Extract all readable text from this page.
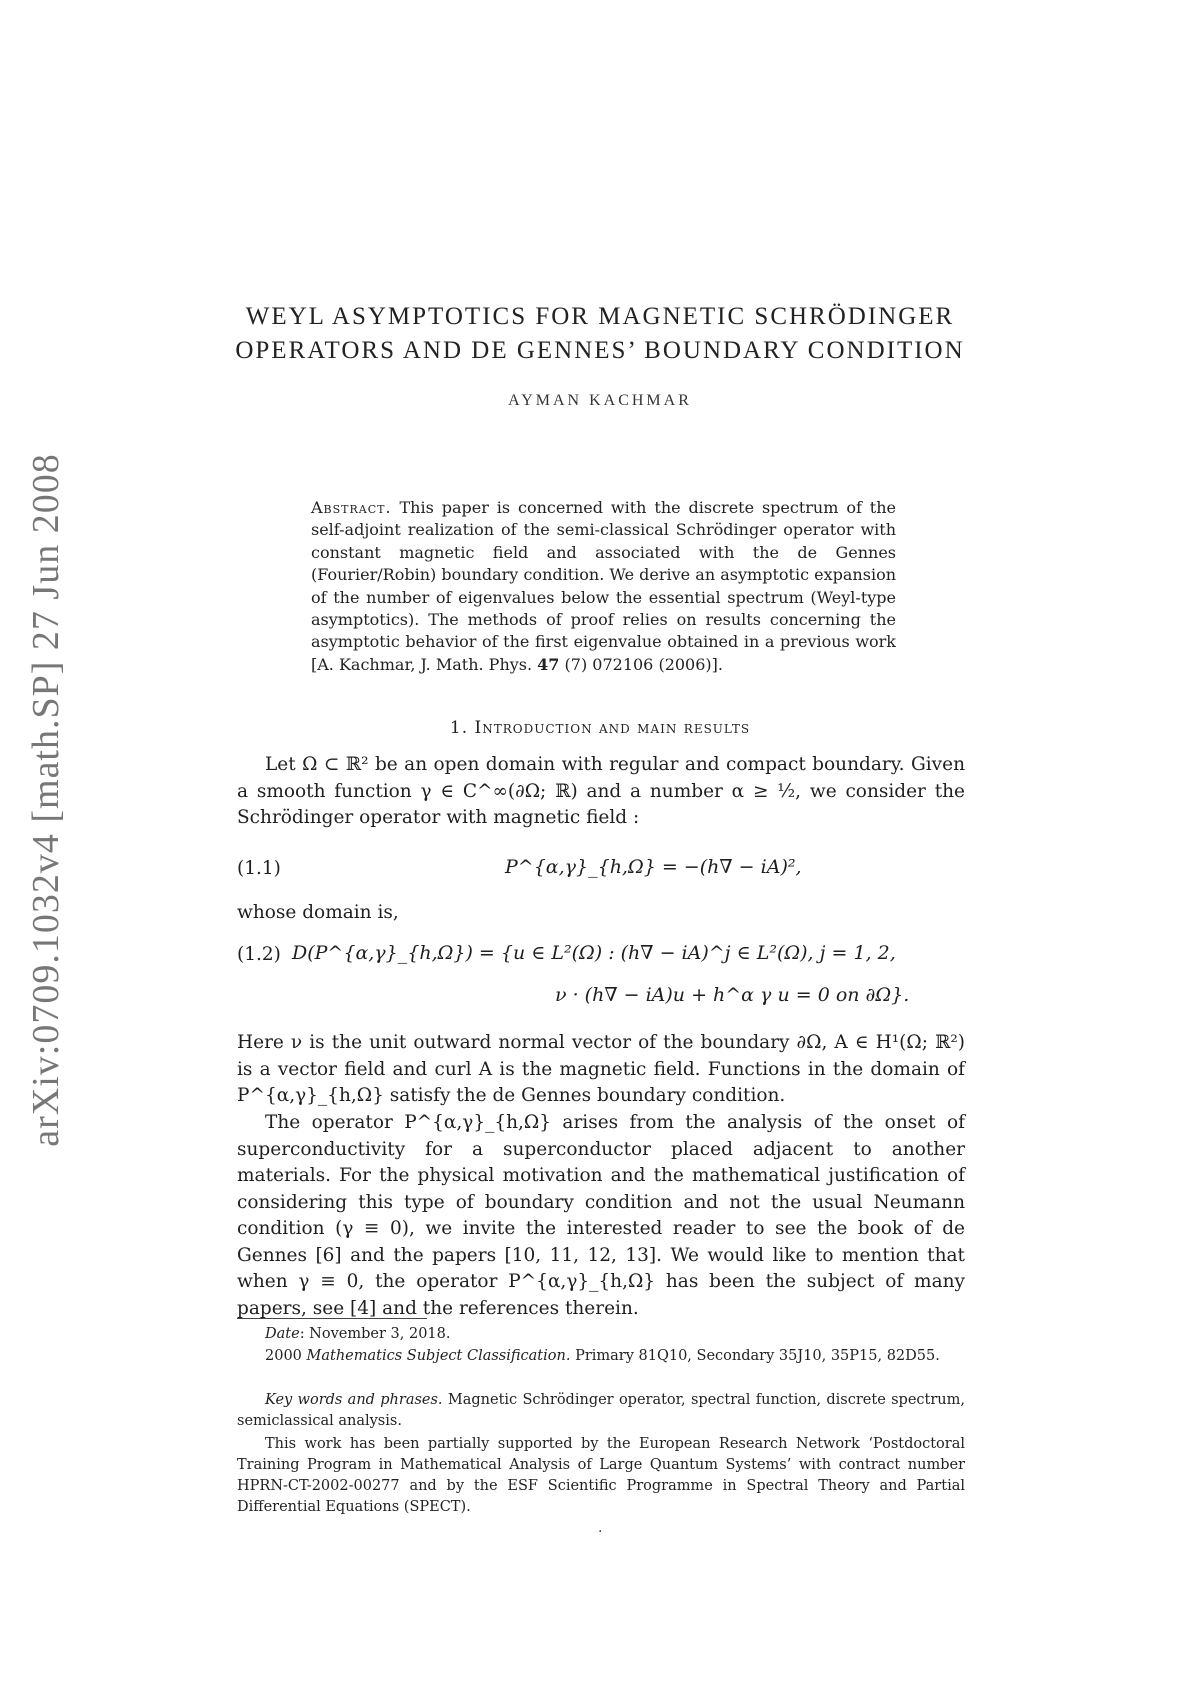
arXiv:0709.1032v4 [math.SP] 27 Jun 2008
WEYL ASYMPTOTICS FOR MAGNETIC SCHRÖDINGER
OPERATORS AND DE GENNES’ BOUNDARY CONDITION
AYMAN KACHMAR
Abstract. This paper is concerned with the discrete spectrum of the self-adjoint realization of the semi-classical Schrödinger operator with constant magnetic field and associated with the de Gennes (Fourier/Robin) boundary condition. We derive an asymptotic expansion of the number of eigenvalues below the essential spectrum (Weyl-type asymptotics). The methods of proof relies on results concerning the asymptotic behavior of the first eigenvalue obtained in a previous work [A. Kachmar, J. Math. Phys. 47 (7) 072106 (2006)].
1. Introduction and main results
Let Ω ⊂ ℝ² be an open domain with regular and compact boundary. Given a smooth function γ ∈ C^∞(∂Ω; ℝ) and a number α ≥ ½, we consider the Schrödinger operator with magnetic field :
(1.1)	P^{α,γ}_{h,Ω} = −(h∇ − iA)²,
whose domain is,
(1.2) D(P^{α,γ}_{h,Ω}) = {u ∈ L²(Ω) : (h∇ − iA)^j ∈ L²(Ω), j = 1, 2,
ν · (h∇ − iA)u + h^α γ u = 0 on ∂Ω}.
Here ν is the unit outward normal vector of the boundary ∂Ω, A ∈ H¹(Ω; ℝ²) is a vector field and curl A is the magnetic field. Functions in the domain of P^{α,γ}_{h,Ω} satisfy the de Gennes boundary condition.
The operator P^{α,γ}_{h,Ω} arises from the analysis of the onset of superconductivity for a superconductor placed adjacent to another materials. For the physical motivation and the mathematical justification of considering this type of boundary condition and not the usual Neumann condition (γ ≡ 0), we invite the interested reader to see the book of de Gennes [6] and the papers [10, 11, 12, 13]. We would like to mention that when γ ≡ 0, the operator P^{α,γ}_{h,Ω} has been the subject of many papers, see [4] and the references therein.
Date: November 3, 2018.
2000 Mathematics Subject Classification. Primary 81Q10, Secondary 35J10, 35P15, 82D55.
Key words and phrases. Magnetic Schrödinger operator, spectral function, discrete spectrum, semiclassical analysis.
This work has been partially supported by the European Research Network ‘Postdoctoral Training Program in Mathematical Analysis of Large Quantum Systems’ with contract number HPRN-CT-2002-00277 and by the ESF Scientific Programme in Spectral Theory and Partial Differential Equations (SPECT).
.
